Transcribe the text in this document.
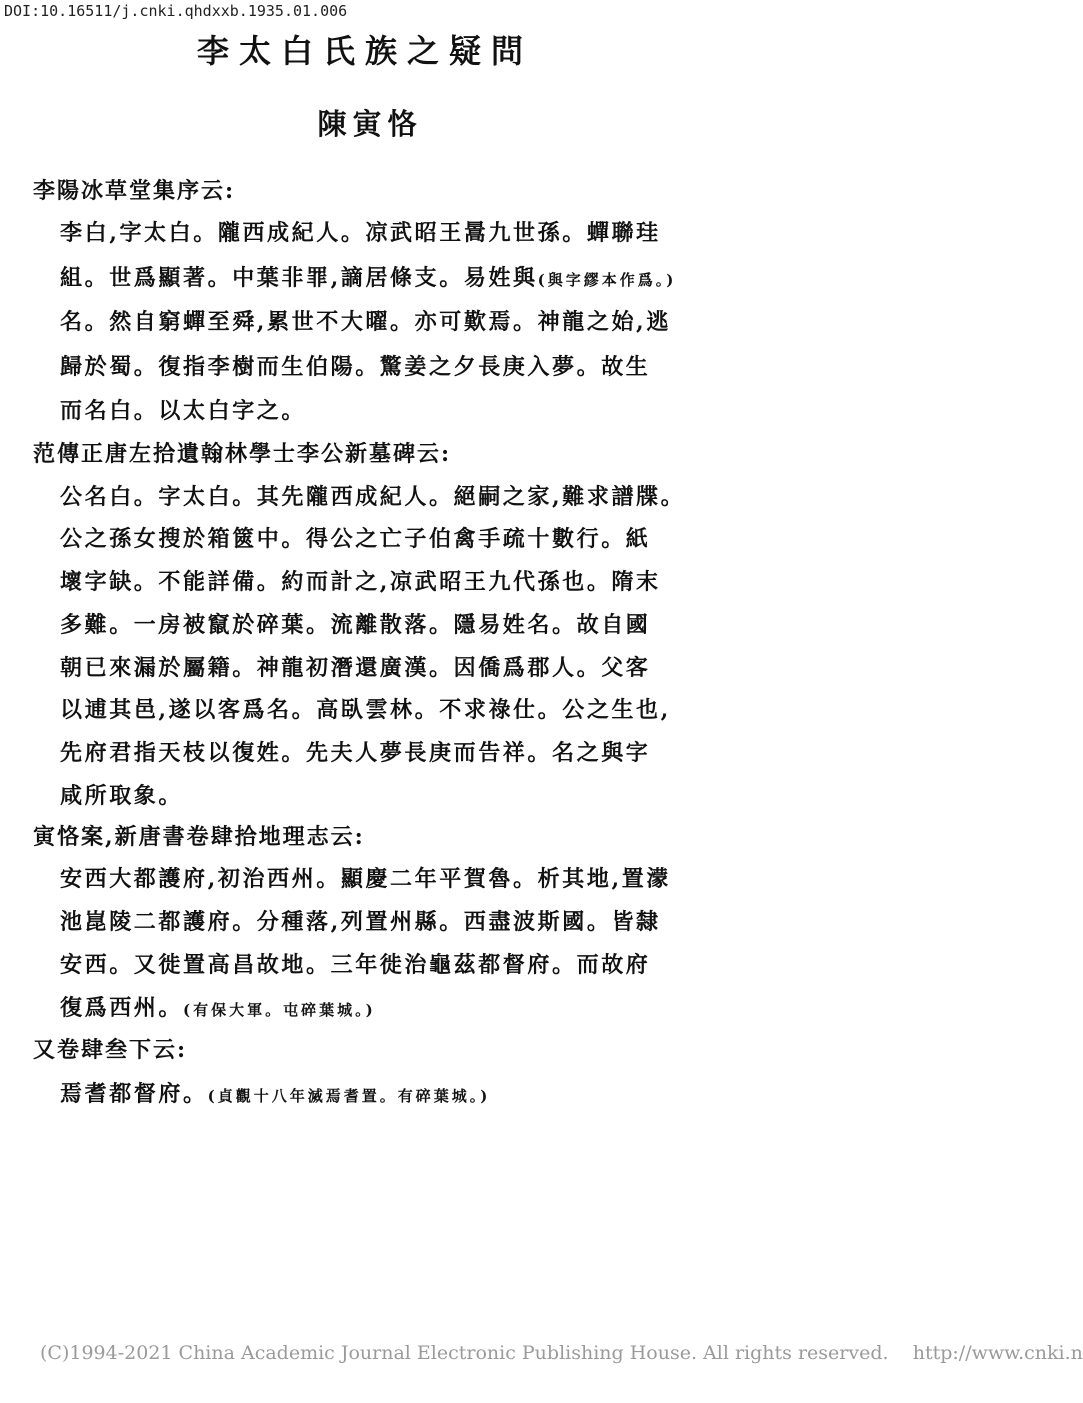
DOI:10.16511/j.cnki.qhdxxb.1935.01.006
李太白氏族之疑問
陳寅恪
李陽冰草堂集序云:
李白,字太白。隴西成紀人。凉武昭王暠九世孫。蟬聯珪
組。世爲顯著。中葉非罪,謫居條支。易姓與(與字繆本作爲。)
名。然自窮蟬至舜,累世不大曜。亦可歎焉。神龍之始,逃
歸於蜀。復指李樹而生伯陽。驚姜之夕長庚入夢。故生
而名白。以太白字之。
范傳正唐左拾遺翰林學士李公新墓碑云:
公名白。字太白。其先隴西成紀人。絕嗣之家,難求譜牒。
公之孫女搜於箱篋中。得公之亡子伯禽手疏十數行。紙
壞字缺。不能詳備。約而計之,凉武昭王九代孫也。隋末
多難。一房被竄於碎葉。流離散落。隱易姓名。故自國
朝已來漏於屬籍。神龍初潛還廣漢。因僑爲郡人。父客
以逋其邑,遂以客爲名。高臥雲林。不求祿仕。公之生也,
先府君指天枝以復姓。先夫人夢長庚而告祥。名之與字
咸所取象。
寅恪案,新唐書卷肆拾地理志云:
安西大都護府,初治西州。顯慶二年平賀魯。析其地,置濛
池崑陵二都護府。分種落,列置州縣。西盡波斯國。皆隸
安西。又徙置高昌故地。三年徙治龜茲都督府。而故府
復爲西州。(有保大軍。屯碎葉城。)
又卷肆叁下云:
焉耆都督府。(貞觀十八年滅焉耆置。有碎葉城。)
(C)1994-2021 China Academic Journal Electronic Publishing House. All rights reserved. http://www.cnki.n
